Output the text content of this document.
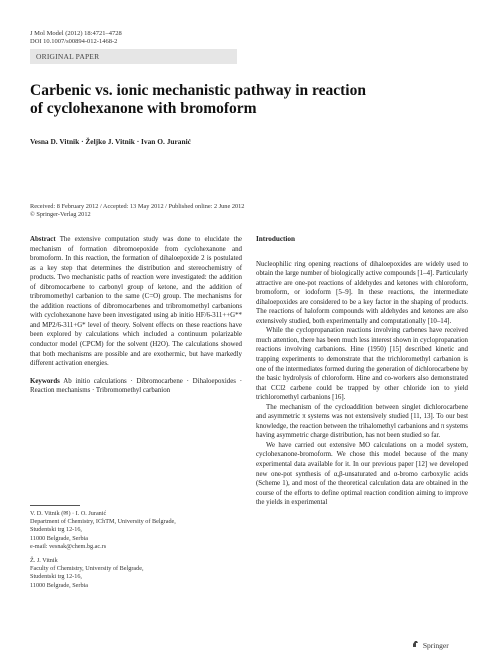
J Mol Model (2012) 18:4721–4728
DOI 10.1007/s00894-012-1468-2
ORIGINAL PAPER
Carbenic vs. ionic mechanistic pathway in reaction
of cyclohexanone with bromoform
Vesna D. Vitnik · Željko J. Vitnik · Ivan O. Juranić
Received: 8 February 2012 / Accepted: 13 May 2012 / Published online: 2 June 2012
© Springer-Verlag 2012
Abstract The extensive computation study was done to elucidate the mechanism of formation dibromoepoxide from cyclohexanone and bromoform. In this reaction, the formation of dihaloepoxide 2 is postulated as a key step that determines the distribution and stereochemistry of products. Two mechanistic paths of reaction were investigated: the addition of dibromocarbene to carbonyl group of ketone, and the addition of tribromomethyl carbanion to the same (C=O) group. The mechanisms for the addition reactions of dibromocarbenes and tribromomethyl carbanions with cyclohexanone have been investigated using ab initio HF/6-311++G** and MP2/6-311+G* level of theory. Solvent effects on these reactions have been explored by calculations which included a continuum polarizable conductor model (CPCM) for the solvent (H2O). The calculations showed that both mechanisms are possible and are exothermic, but have markedly different activation energies.
Keywords Ab initio calculations · Dibromocarbene · Dihaloepoxides · Reaction mechanisms · Tribromomethyl carbanion
V. D. Vitnik (✉) · I. O. Juranić
Department of Chemistry, IChTM, University of Belgrade,
Studentski trg 12-16,
11000 Belgrade, Serbia
e-mail: vesnak@chem.bg.ac.rs
Ž. J. Vitnik
Faculty of Chemistry, University of Belgrade,
Studentski trg 12-16,
11000 Belgrade, Serbia
Introduction

Nucleophilic ring opening reactions of dihaloepoxides are widely used to obtain the large number of biologically active compounds [1–4]. Particularly attractive are one-pot reactions of aldehydes and ketones with chloroform, bromoform, or iodoform [5–9]. In these reactions, the intermediate dihaloepoxides are considered to be a key factor in the shaping of products. The reactions of haloform compounds with aldehydes and ketones are also extensively studied, both experimentally and computationally [10–14].

While the cyclopropanation reactions involving carbenes have received much attention, there has been much less interest shown in cyclopropanation reactions involving carbanions. Hine (1950) [15] described kinetic and trapping experiments to demonstrate that the trichloromethyl carbanion is one of the intermediates formed during the generation of dichlorocarbene by the basic hydrolysis of chloroform. Hine and co-workers also demonstrated that CCl2 carbene could be trapped by other chloride ion to yield trichloromethyl carbanions [16].

The mechanism of the cycloaddition between singlet dichlorocarbene and asymmetric π systems was not extensively studied [11, 13]. To our best knowledge, the reaction between the trihalomethyl carbanions and π systems having asymmetric charge distribution, has not been studied so far.

We have carried out extensive MO calculations on a model system, cyclohexanone-bromoform. We chose this model because of the many experimental data available for it. In our previous paper [12] we developed new one-pot synthesis of α,β-unsaturated and α-bromo carboxylic acids (Scheme 1), and most of the theoretical calculation data are obtained in the course of the efforts to define optimal reaction condition aiming to improve the yields in experimental

Springer
